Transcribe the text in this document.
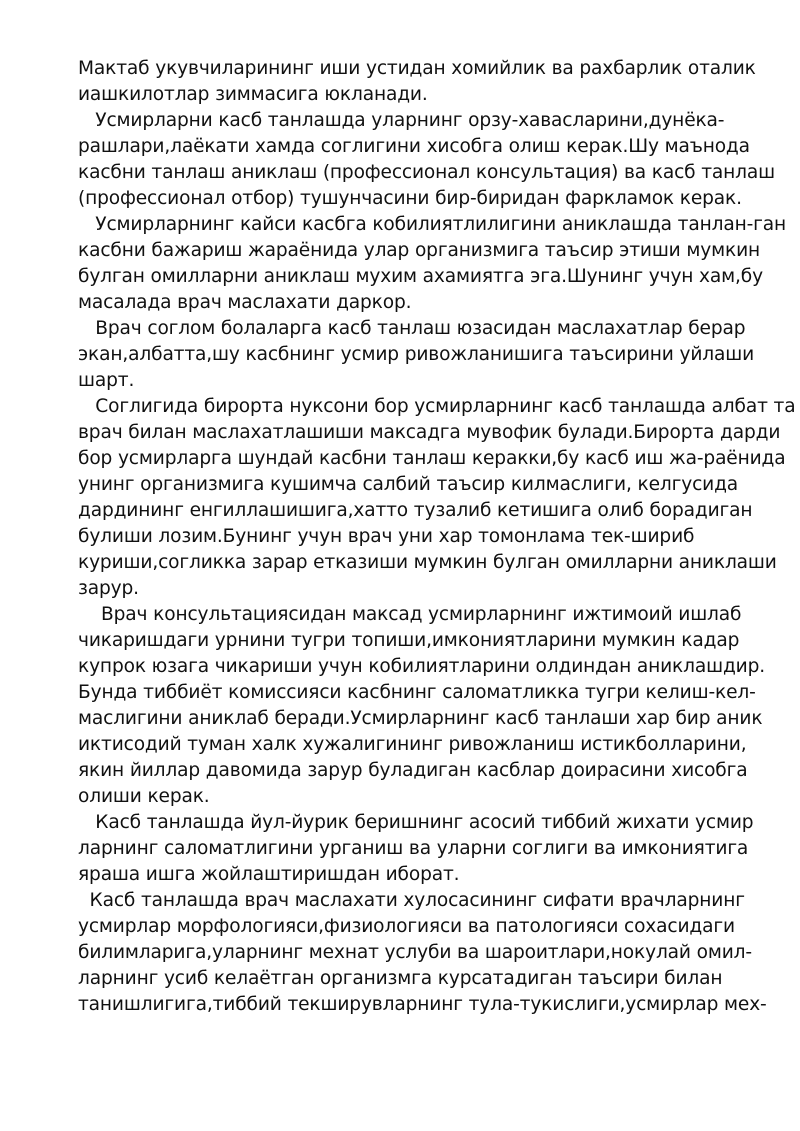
Мактаб укувчиларининг иши устидан хомийлик ва рахбарлик оталик
иашкилотлар зиммасига юкланади.
Усмирларни касб танлашда уларнинг орзу-хавасларини,дунёка-
рашлари,лаёкати хамда соглигини хисобга олиш керак.Шу маънода
касбни танлаш аниклаш (профессионал консультация) ва касб танлаш
(профессионал отбор) тушунчасини бир-биридан фаркламок керак.
Усмирларнинг кайси касбга кобилиятлилигини аниклашда танлан-ган
касбни бажариш жараёнида улар организмига таъсир этиши мумкин
булган омилларни аниклаш мухим ахамиятга эга.Шунинг учун хам,бу
масалада врач маслахати даркор.
Врач соглом болаларга касб танлаш юзасидан маслахатлар берар
экан,албатта,шу касбнинг усмир ривожланишига таъсирини уйлаши
шарт.
Соглигида бирорта нуксони бор усмирларнинг касб танлашда албат та
врач билан маслахатлашиши максадга мувофик булади.Бирорта дарди
бор усмирларга шундай касбни танлаш керакки,бу касб иш жа-раёнида
унинг организмига кушимча салбий таъсир килмаслиги, келгусида
дардининг енгиллашишига,хатто тузалиб кетишига олиб борадиган
булиши лозим.Бунинг учун врач уни хар томонлама тек-шириб
куриши,согликка зарар етказиши мумкин булган омилларни аниклаши
зарур.
Врач консультациясидан максад усмирларнинг ижтимоий ишлаб
чикаришдаги урнини тугри топиши,имкониятларини мумкин кадар
купрок юзага чикариши учун кобилиятларини олдиндан аниклашдир.
Бунда тиббиёт комиссияси касбнинг саломатликка тугри келиш-кел-
маслигини аниклаб беради.Усмирларнинг касб танлаши хар бир аник
иктисодий туман халк хужалигининг ривожланиш истикболларини,
якин йиллар давомида зарур буладиган касблар доирасини хисобга
олиши керак.
Касб танлашда йул-йурик беришнинг асосий тиббий жихати усмир
ларнинг саломатлигини урганиш ва уларни соглиги ва имкониятига
яраша ишга жойлаштиришдан иборат.
Касб танлашда врач маслахати хулосасининг сифати врачларнинг
усмирлар морфологияси,физиологияси ва патологияси сохасидаги
билимларига,уларнинг мехнат услуби ва шароитлари,нокулай омил-
ларнинг усиб келаётган организмга курсатадиган таъсири билан
танишлигига,тиббий текширувларнинг тула-тукислиги,усмирлар мех-
